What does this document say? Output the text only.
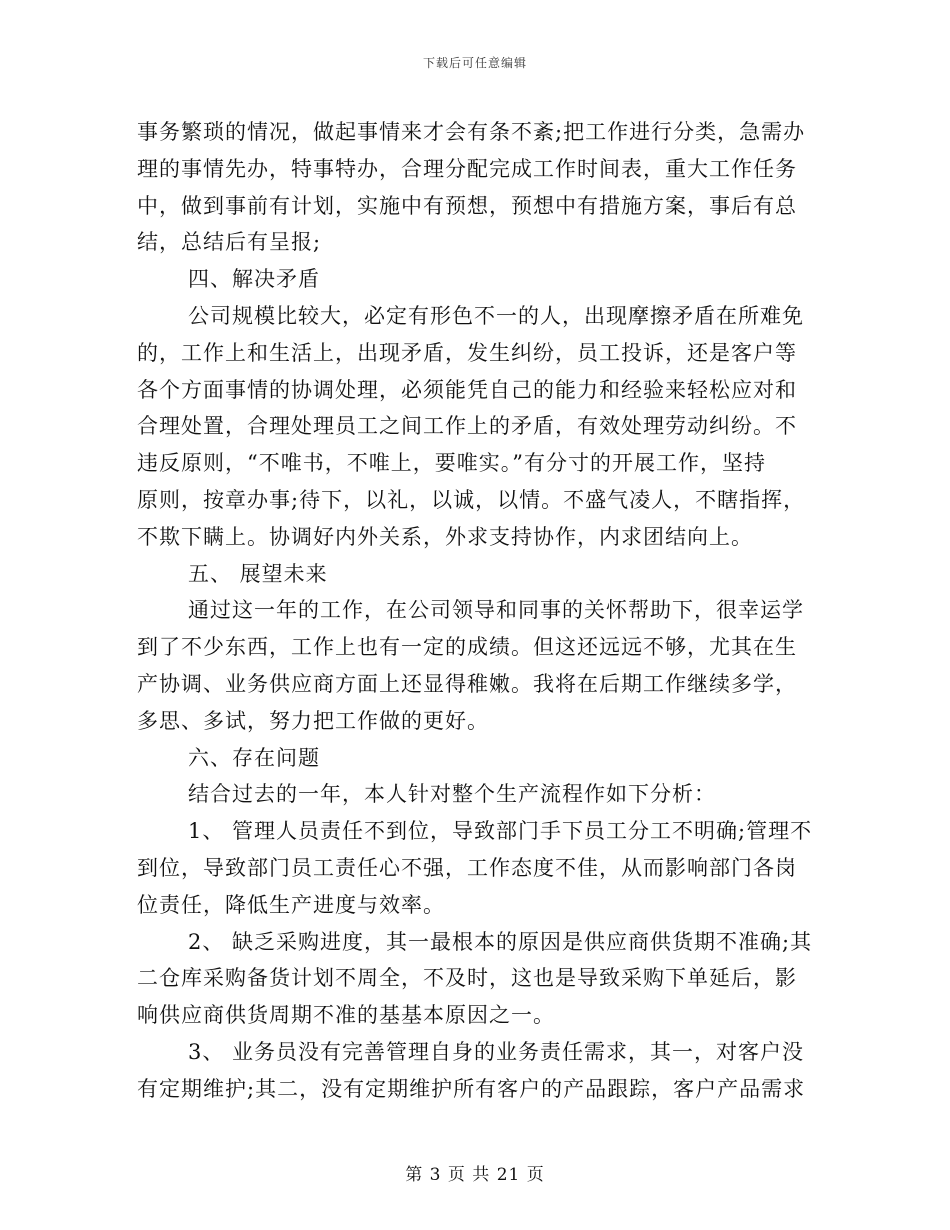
下载后可任意编辑
事务繁琐的情况，做起事情来才会有条不紊;把工作进行分类，急需办
理的事情先办，特事特办，合理分配完成工作时间表，重大工作任务
中，做到事前有计划，实施中有预想，预想中有措施方案，事后有总
结，总结后有呈报;
四、解决矛盾
公司规模比较大，必定有形色不一的人，出现摩擦矛盾在所难免
的，工作上和生活上，出现矛盾，发生纠纷，员工投诉，还是客户等
各个方面事情的协调处理，必须能凭自己的能力和经验来轻松应对和
合理处置，合理处理员工之间工作上的矛盾，有效处理劳动纠纷。不
违反原则，“不唯书，不唯上，要唯实。”有分寸的开展工作，坚持
原则，按章办事;待下，以礼，以诚，以情。不盛气凌人，不瞎指挥，
不欺下瞒上。协调好内外关系，外求支持协作，内求团结向上。
五、 展望未来
通过这一年的工作，在公司领导和同事的关怀帮助下，很幸运学
到了不少东西，工作上也有一定的成绩。但这还远远不够，尤其在生
产协调、业务供应商方面上还显得稚嫩。我将在后期工作继续多学，
多思、多试，努力把工作做的更好。
六、存在问题
结合过去的一年，本人针对整个生产流程作如下分析：
1、 管理人员责任不到位，导致部门手下员工分工不明确;管理不
到位，导致部门员工责任心不强，工作态度不佳，从而影响部门各岗
位责任，降低生产进度与效率。
2、 缺乏采购进度，其一最根本的原因是供应商供货期不准确;其
二仓库采购备货计划不周全，不及时，这也是导致采购下单延后，影
响供应商供货周期不准的基基本原因之一。
3、 业务员没有完善管理自身的业务责任需求，其一，对客户没
有定期维护;其二，没有定期维护所有客户的产品跟踪，客户产品需求
第 3 页 共 21 页
